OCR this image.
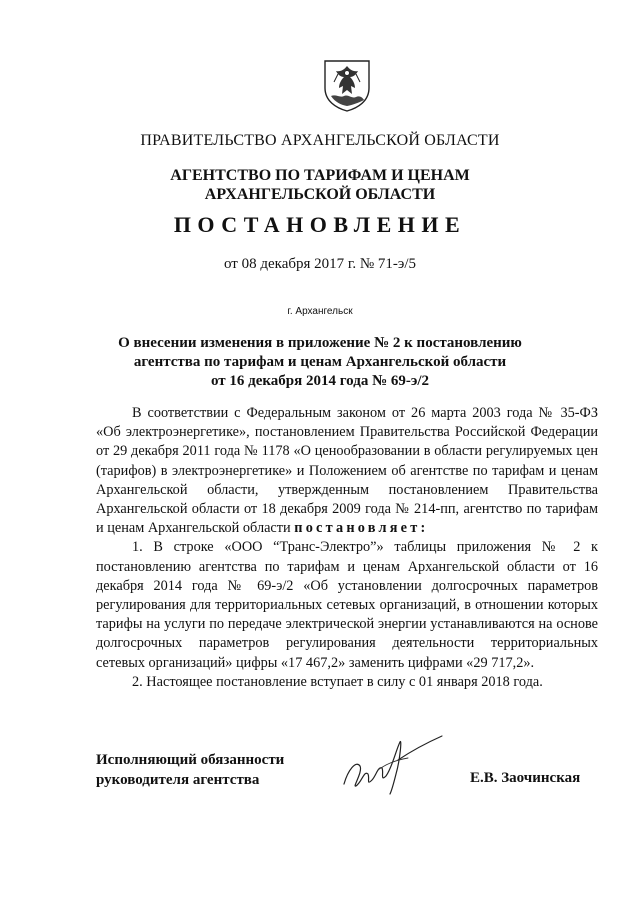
ПРАВИТЕЛЬСТВО АРХАНГЕЛЬСКОЙ ОБЛАСТИ
АГЕНТСТВО ПО ТАРИФАМ И ЦЕНАМ
АРХАНГЕЛЬСКОЙ ОБЛАСТИ
ПОСТАНОВЛЕНИЕ
от 08 декабря 2017 г. № 71-э/5
г. Архангельск
О внесении изменения в приложение № 2 к постановлению
агентства по тарифам и ценам Архангельской области
от 16 декабря 2014 года № 69-э/2

В соответствии с Федеральным законом от 26 марта 2003 года № 35-ФЗ «Об электроэнергетике», постановлением Правительства Российской Федерации от 29 декабря 2011 года № 1178 «О ценообразовании в области регулируемых цен (тарифов) в электроэнергетике» и Положением об агентстве по тарифам и ценам Архангельской области, утвержденным постановлением Правительства Архангельской области от 18 декабря 2009 года № 214-пп, агентство по тарифам и ценам Архангельской области постановляет:

1. В строке «ООО “Транс-Электро”» таблицы приложения № 2 к постановлению агентства по тарифам и ценам Архангельской области от 16 декабря 2014 года № 69-э/2 «Об установлении долгосрочных параметров регулирования для территориальных сетевых организаций, в отношении которых тарифы на услуги по передаче электрической энергии устанавливаются на основе долгосрочных параметров регулирования деятельности территориальных сетевых организаций» цифры «17 467,2» заменить цифрами «29 717,2».

2. Настоящее постановление вступает в силу с 01 января 2018 года.

Исполняющий обязанности
руководителя агентства	Е.В. Заочинская
